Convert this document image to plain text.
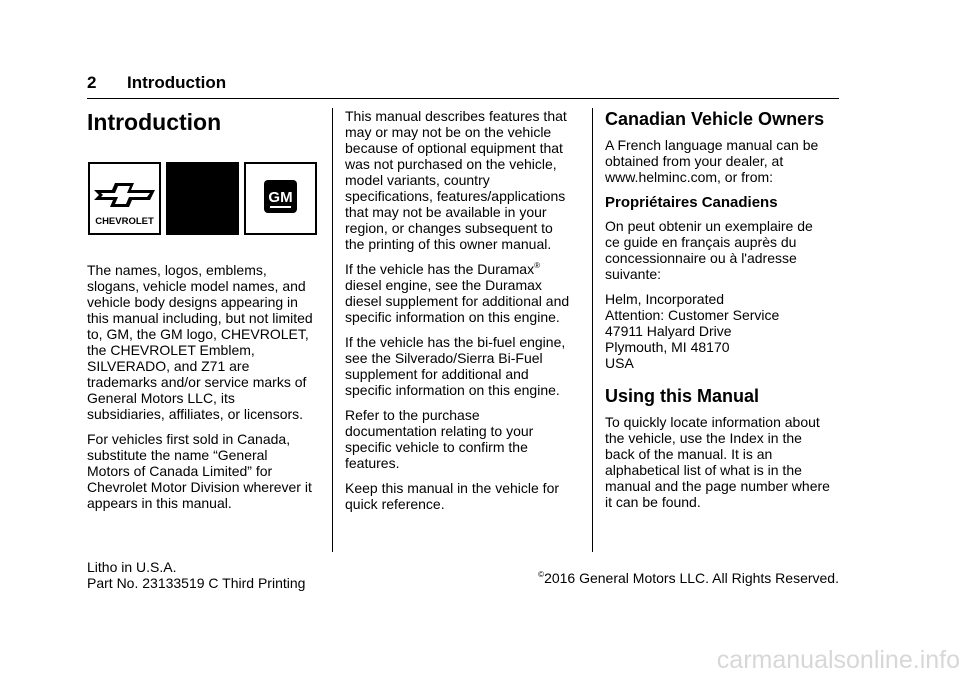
2 Introduction
Introduction

The names, logos, emblems,
slogans, vehicle model names, and
vehicle body designs appearing in
this manual including, but not limited
to, GM, the GM logo, CHEVROLET,
the CHEVROLET Emblem,
SILVERADO, and Z71 are
trademarks and/or service marks of
General Motors LLC, its
subsidiaries, affiliates, or licensors.

For vehicles first sold in Canada,
substitute the name “General
Motors of Canada Limited” for
Chevrolet Motor Division wherever it
appears in this manual.

CHEVROLET
GM

This manual describes features that
may or may not be on the vehicle
because of optional equipment that
was not purchased on the vehicle,
model variants, country
specifications, features/applications
that may not be available in your
region, or changes subsequent to
the printing of this owner manual.

If the vehicle has the Duramax®
diesel engine, see the Duramax
diesel supplement for additional and
specific information on this engine.

If the vehicle has the bi-fuel engine,
see the Silverado/Sierra Bi-Fuel
supplement for additional and
specific information on this engine.

Refer to the purchase
documentation relating to your
specific vehicle to confirm the
features.

Keep this manual in the vehicle for
quick reference.

Canadian Vehicle Owners

A French language manual can be
obtained from your dealer, at
www.helminc.com, or from:

Propriétaires Canadiens

On peut obtenir un exemplaire de
ce guide en français auprès du
concessionnaire ou à l'adresse
suivante:

Helm, Incorporated
Attention: Customer Service
47911 Halyard Drive
Plymouth, MI 48170
USA

Using this Manual

To quickly locate information about
the vehicle, use the Index in the
back of the manual. It is an
alphabetical list of what is in the
manual and the page number where
it can be found.

Litho in U.S.A.
Part No. 23133519 C Third Printing
©2016 General Motors LLC. All Rights Reserved.
carmanualsonline.info
